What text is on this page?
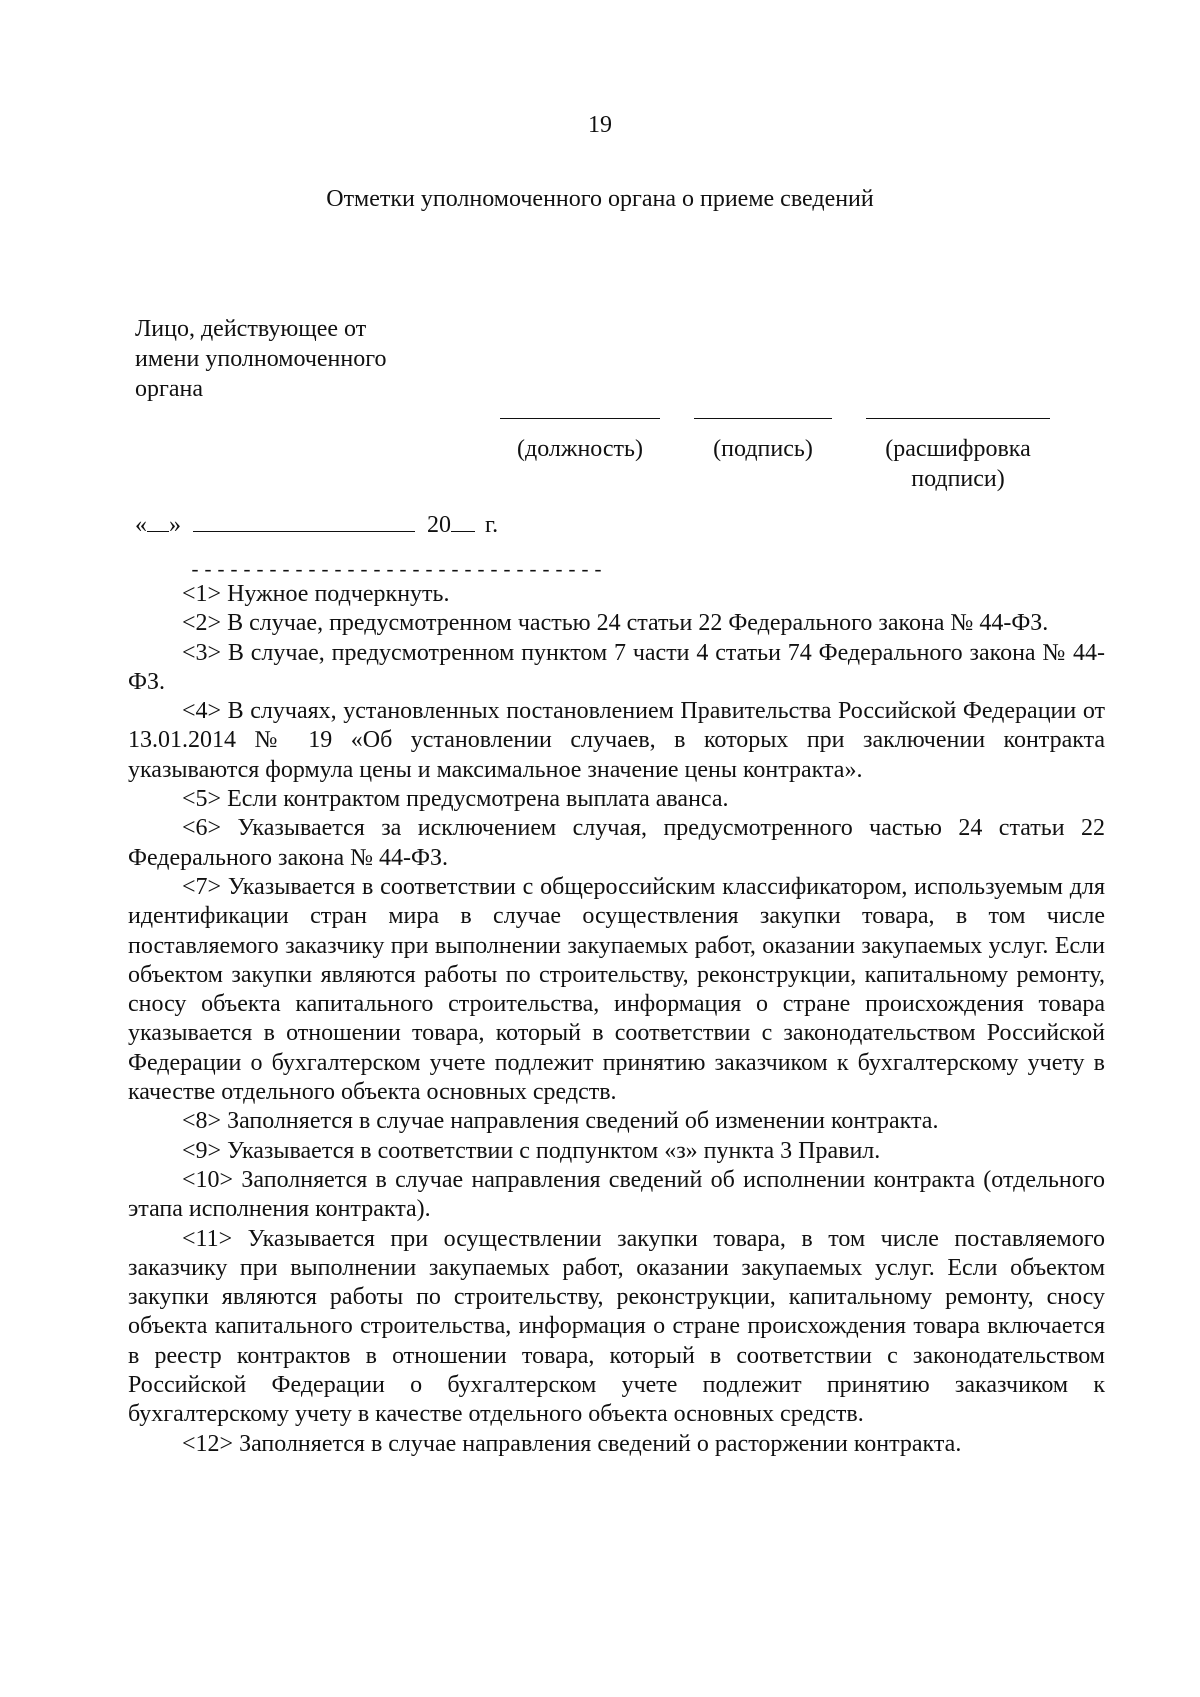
19
Отметки уполномоченного органа о приеме сведений
Лицо, действующее от имени уполномоченного органа
(должность)	(подпись)	(расшифровка подписи)
« »	20 г.
--------------------------------

<1> Нужное подчеркнуть.

<2> В случае, предусмотренном частью 24 статьи 22 Федерального закона № 44-ФЗ.

<3> В случае, предусмотренном пунктом 7 части 4 статьи 74 Федерального закона № 44-ФЗ.

<4> В случаях, установленных постановлением Правительства Российской Федерации от 13.01.2014 № 19 «Об установлении случаев, в которых при заключении контракта указываются формула цены и максимальное значение цены контракта».

<5> Если контрактом предусмотрена выплата аванса.

<6> Указывается за исключением случая, предусмотренного частью 24 статьи 22 Федерального закона № 44-ФЗ.

<7> Указывается в соответствии с общероссийским классификатором, используемым для идентификации стран мира в случае осуществления закупки товара, в том числе поставляемого заказчику при выполнении закупаемых работ, оказании закупаемых услуг. Если объектом закупки являются работы по строительству, реконструкции, капитальному ремонту, сносу объекта капитального строительства, информация о стране происхождения товара указывается в отношении товара, который в соответствии с законодательством Российской Федерации о бухгалтерском учете подлежит принятию заказчиком к бухгалтерскому учету в качестве отдельного объекта основных средств.

<8> Заполняется в случае направления сведений об изменении контракта.

<9> Указывается в соответствии с подпунктом «з» пункта 3 Правил.

<10> Заполняется в случае направления сведений об исполнении контракта (отдельного этапа исполнения контракта).

<11> Указывается при осуществлении закупки товара, в том числе поставляемого заказчику при выполнении закупаемых работ, оказании закупаемых услуг. Если объектом закупки являются работы по строительству, реконструкции, капитальному ремонту, сносу объекта капитального строительства, информация о стране происхождения товара включается в реестр контрактов в отношении товара, который в соответствии с законодательством Российской Федерации о бухгалтерском учете подлежит принятию заказчиком к бухгалтерскому учету в качестве отдельного объекта основных средств.

<12> Заполняется в случае направления сведений о расторжении контракта.
